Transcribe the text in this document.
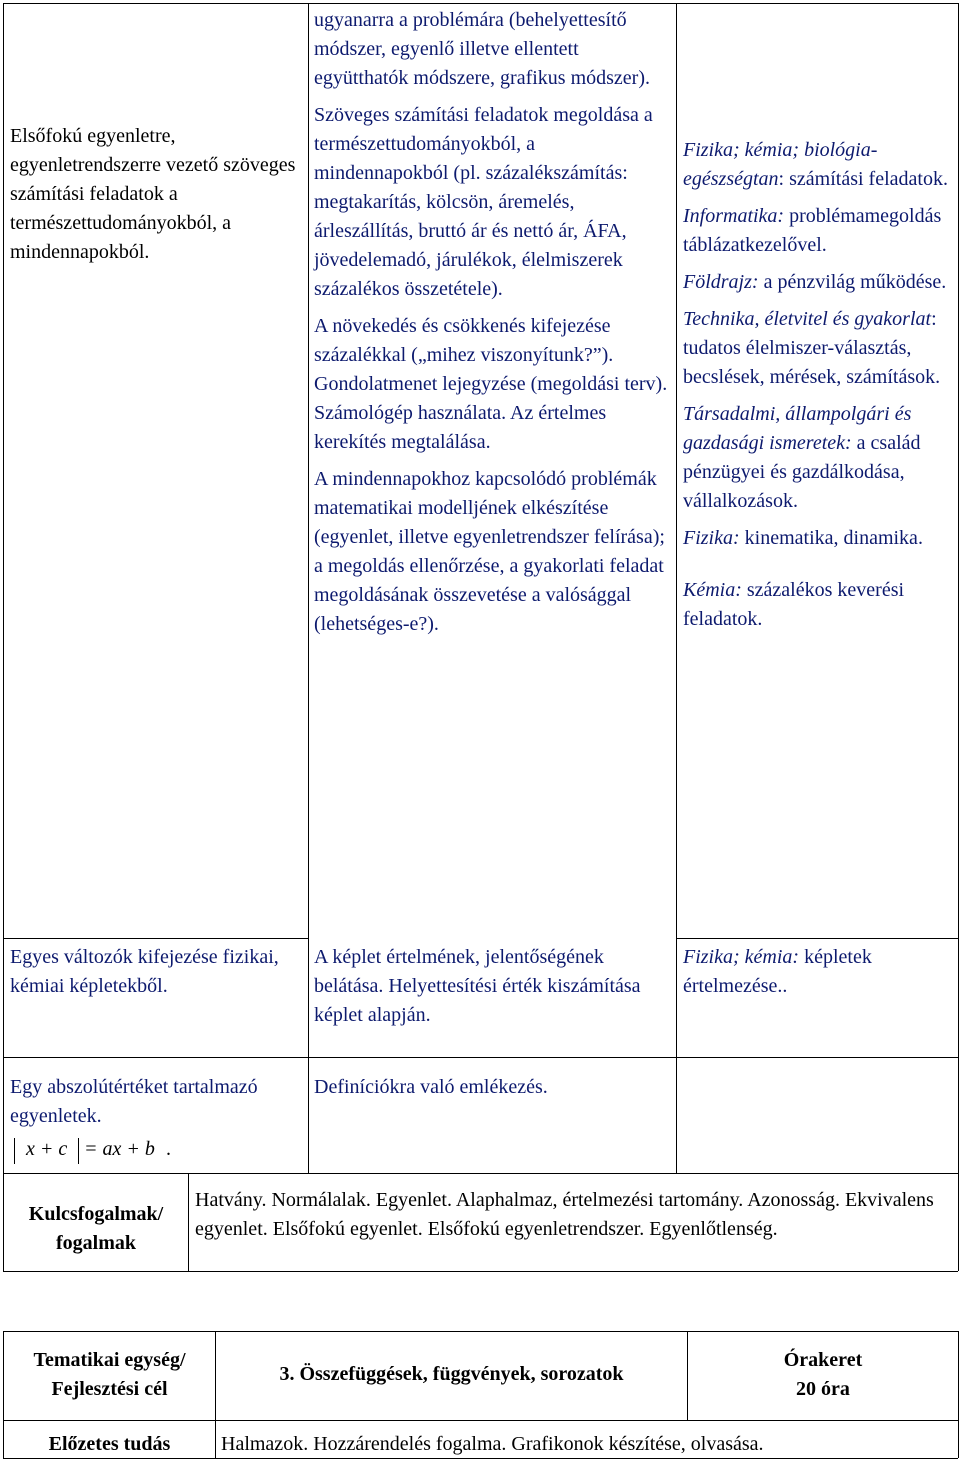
Elsőfokú egyenletre, egyenletrendszerre vezető szöveges számítási feladatok a természettudományokból, a mindennapokból.

ugyanarra a problémára (behelyettesítő módszer, egyenlő illetve ellentett együtthatók módszere, grafikus módszer).

Szöveges számítási feladatok megoldása a természettudományokból, a mindennapokból (pl. százalékszámítás: megtakarítás, kölcsön, áremelés, árleszállítás, bruttó ár és nettó ár, ÁFA, jövedelemadó, járulékok, élelmiszerek százalékos összetétele).

A növekedés és csökkenés kifejezése százalékkal („mihez viszonyítunk?”). Gondolatmenet lejegyzése (megoldási terv). Számológép használata. Az értelmes kerekítés megtalálása.

A mindennapokhoz kapcsolódó problémák matematikai modelljének elkészítése (egyenlet, illetve egyenletrendszer felírása); a megoldás ellenőrzése, a gyakorlati feladat megoldásának összevetése a valósággal (lehetséges-e?).

Fizika; kémia; biológia-egészségtan: számítási feladatok.

Informatika: problémamegoldás táblázatkezelővel.

Földrajz: a pénzvilág működése.

Technika, életvitel és gyakorlat: tudatos élelmiszer-választás, becslések, mérések, számítások.

Társadalmi, állampolgári és gazdasági ismeretek: a család pénzügyei és gazdálkodása, vállalkozások.

Fizika: kinematika, dinamika.

Kémia: százalékos keverési feladatok.

Egyes változók kifejezése fizikai, kémiai képletekből.

A képlet értelmének, jelentőségének belátása. Helyettesítési érték kiszámítása képlet alapján.

Fizika; kémia: képletek értelmezése..

Egy abszolútértéket tartalmazó egyenletek.

x + c = ax + b .

Definíciókra való emlékezés.

Kulcsfogalmak/ fogalmak

Hatvány. Normálalak. Egyenlet. Alaphalmaz, értelmezési tartomány. Azonosság. Ekvivalens egyenlet. Elsőfokú egyenlet. Elsőfokú egyenletrendszer. Egyenlőtlenség.

Tematikai egység/ Fejlesztési cél

3. Összefüggések, függvények, sorozatok

Órakeret

20 óra

Előzetes tudás	Halmazok. Hozzárendelés fogalma. Grafikonok készítése, olvasása.
